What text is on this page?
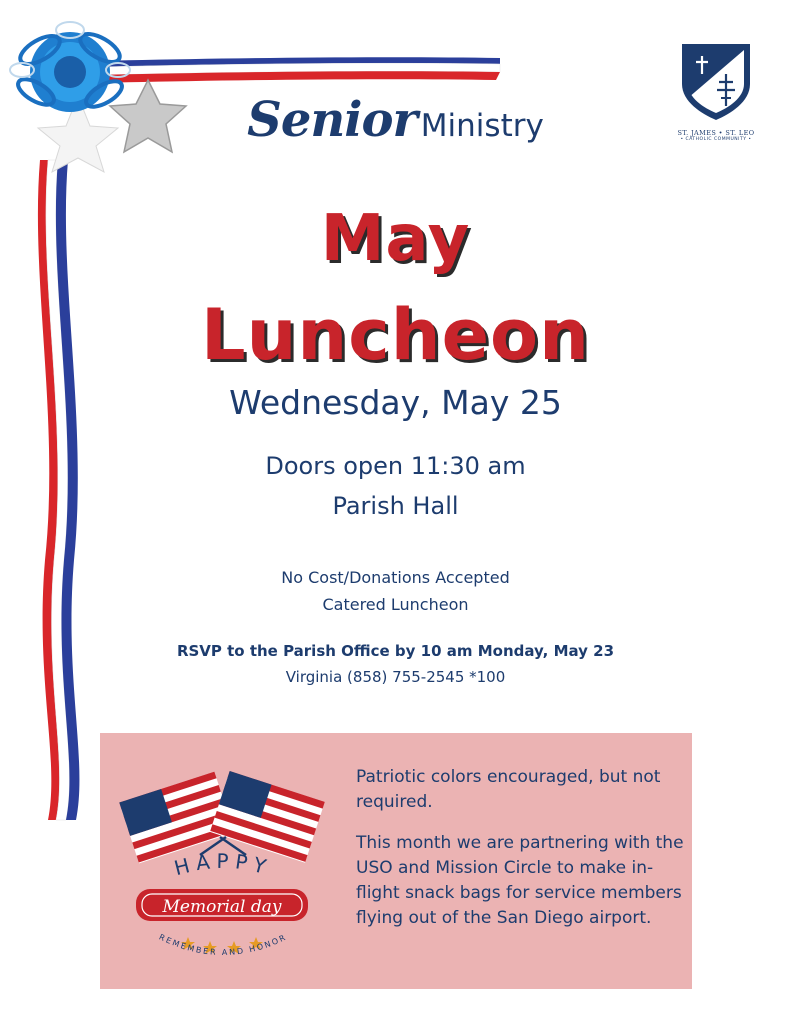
ST. JAMES • ST. LEO
• CATHOLIC COMMUNITY •
Senior Ministry
May
Luncheon
Wednesday, May 25
Doors open 11:30 am
Parish Hall
No Cost/Donations Accepted
Catered Luncheon
RSVP to the Parish Office by 10 am Monday, May 23
Virginia (858) 755-2545 *100
HAPPY
Memorial day
REMEMBER AND HONOR

Patriotic colors encouraged, but not required.

This month we are partnering with the USO and Mission Circle to make in-flight snack bags for service members flying out of the San Diego airport.
